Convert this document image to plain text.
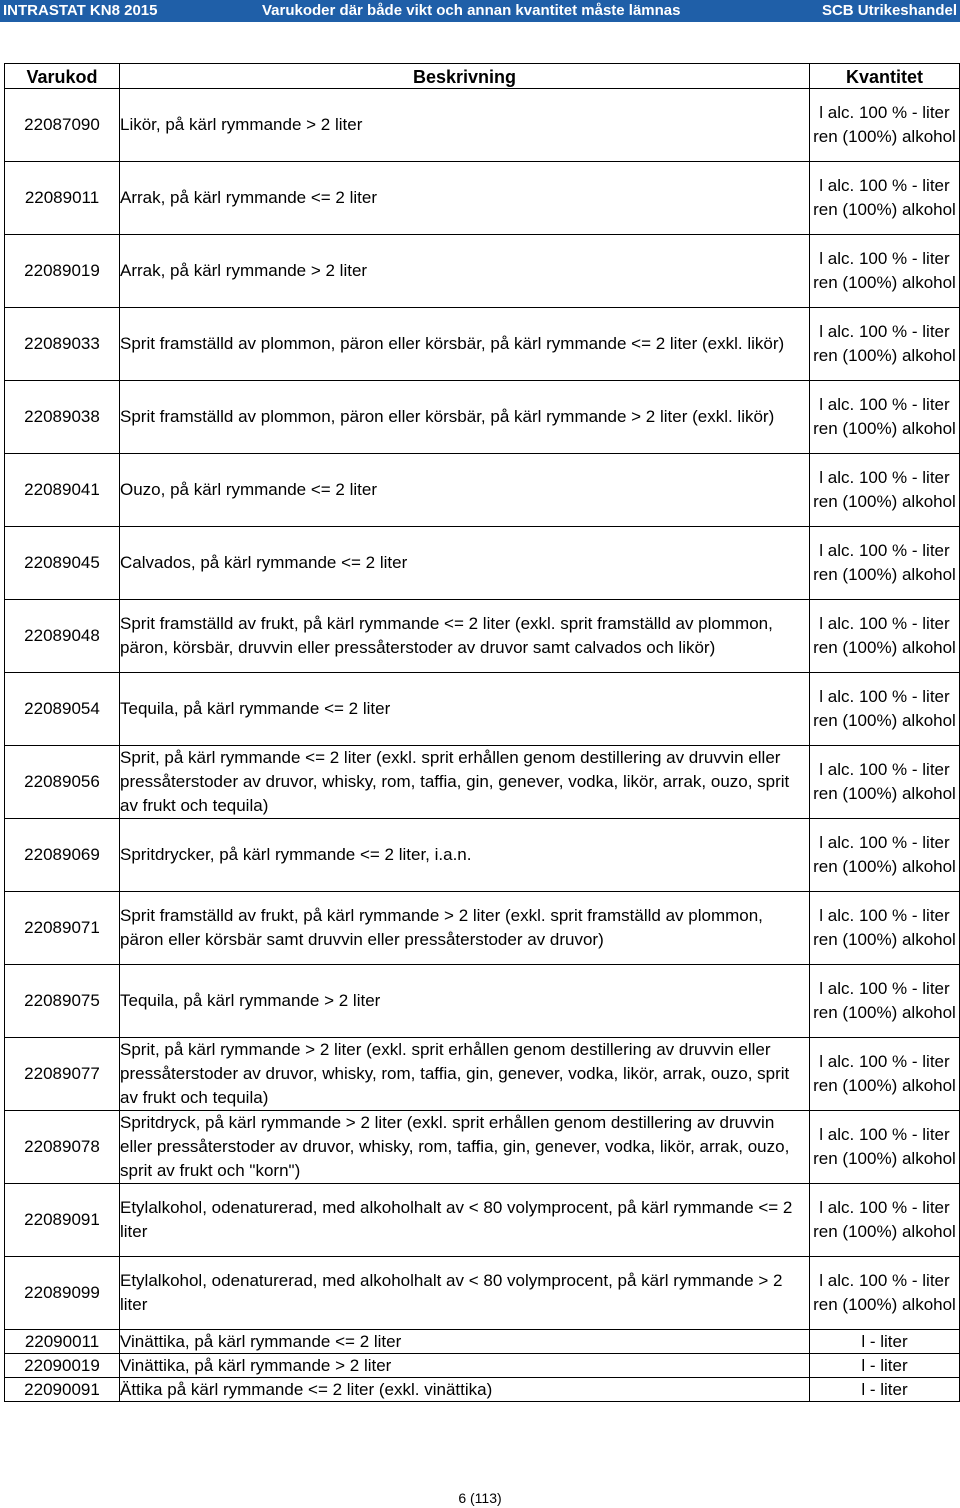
INTRASTAT KN8 2015	Varukoder där både vikt och annan kvantitet måste lämnas	SCB Utrikeshandel
Varukod	Beskrivning	Kvantitet
22087090	Likör, på kärl rymmande > 2 liter	l alc. 100 % - liter ren (100%) alkohol
22089011	Arrak, på kärl rymmande <= 2 liter	l alc. 100 % - liter ren (100%) alkohol
22089019	Arrak, på kärl rymmande > 2 liter	l alc. 100 % - liter ren (100%) alkohol
22089033	Sprit framställd av plommon, päron eller körsbär, på kärl rymmande <= 2 liter (exkl. likör)	l alc. 100 % - liter ren (100%) alkohol
22089038	Sprit framställd av plommon, päron eller körsbär, på kärl rymmande > 2 liter (exkl. likör)	l alc. 100 % - liter ren (100%) alkohol
22089041	Ouzo, på kärl rymmande <= 2 liter	l alc. 100 % - liter ren (100%) alkohol
22089045	Calvados, på kärl rymmande <= 2 liter	l alc. 100 % - liter ren (100%) alkohol
22089048	Sprit framställd av frukt, på kärl rymmande <= 2 liter (exkl. sprit framställd av plommon, päron, körsbär, druvvin eller pressåterstoder av druvor samt calvados och likör)	l alc. 100 % - liter ren (100%) alkohol
22089054	Tequila, på kärl rymmande <= 2 liter	l alc. 100 % - liter ren (100%) alkohol
22089056	Sprit, på kärl rymmande <= 2 liter (exkl. sprit erhållen genom destillering av druvvin eller pressåterstoder av druvor, whisky, rom, taffia, gin, genever, vodka, likör, arrak, ouzo, sprit av frukt och tequila)	l alc. 100 % - liter ren (100%) alkohol
22089069	Spritdrycker, på kärl rymmande <= 2 liter, i.a.n.	l alc. 100 % - liter ren (100%) alkohol
22089071	Sprit framställd av frukt, på kärl rymmande > 2 liter (exkl. sprit framställd av plommon, päron eller körsbär samt druvvin eller pressåterstoder av druvor)	l alc. 100 % - liter ren (100%) alkohol
22089075	Tequila, på kärl rymmande > 2 liter	l alc. 100 % - liter ren (100%) alkohol
22089077	Sprit, på kärl rymmande > 2 liter (exkl. sprit erhållen genom destillering av druvvin eller pressåterstoder av druvor, whisky, rom, taffia, gin, genever, vodka, likör, arrak, ouzo, sprit av frukt och tequila)	l alc. 100 % - liter ren (100%) alkohol
22089078	Spritdryck, på kärl rymmande > 2 liter (exkl. sprit erhållen genom destillering av druvvin eller pressåterstoder av druvor, whisky, rom, taffia, gin, genever, vodka, likör, arrak, ouzo, sprit av frukt och "korn")	l alc. 100 % - liter ren (100%) alkohol
22089091	Etylalkohol, odenaturerad, med alkoholhalt av < 80 volymprocent, på kärl rymmande <= 2 liter	l alc. 100 % - liter ren (100%) alkohol
22089099	Etylalkohol, odenaturerad, med alkoholhalt av < 80 volymprocent, på kärl rymmande > 2 liter	l alc. 100 % - liter ren (100%) alkohol
22090011	Vinättika, på kärl rymmande <= 2 liter	l - liter
22090019	Vinättika, på kärl rymmande > 2 liter	l - liter
22090091	Ättika på kärl rymmande <= 2 liter (exkl. vinättika)	l - liter
6 (113)
